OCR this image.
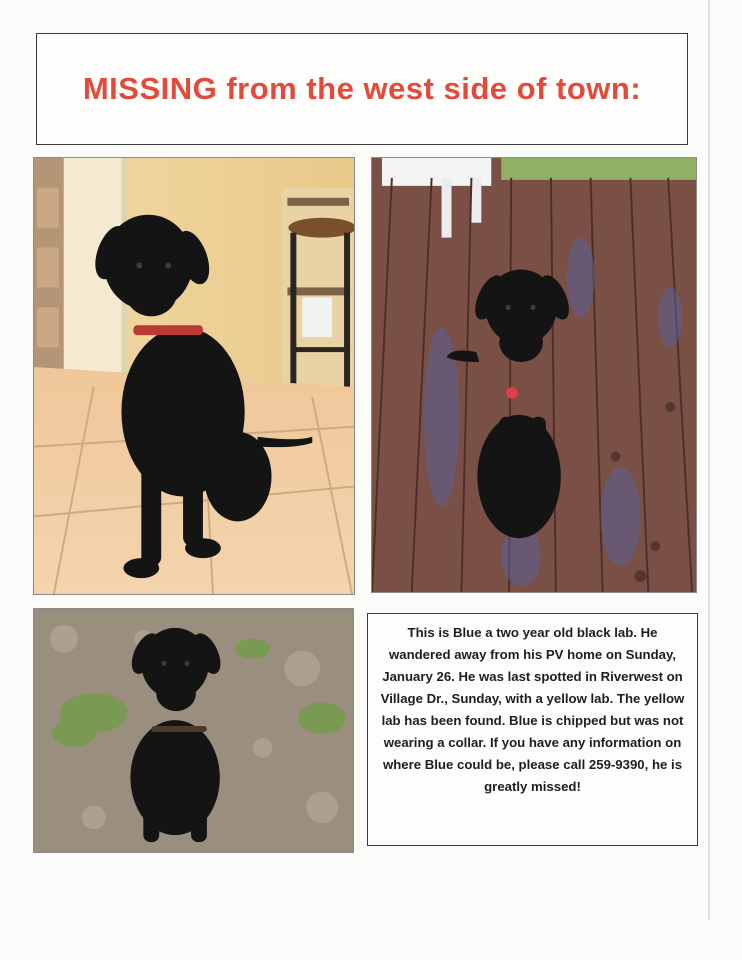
MISSING from the west side of town:

This is Blue a two year old black lab. He wandered away from his PV home on Sunday, January 26. He was last spotted in Riverwest on Village Dr., Sunday, with a yellow lab. The yellow lab has been found. Blue is chipped but was not wearing a collar. If you have any information on where Blue could be, please call 259-9390, he is greatly missed!
